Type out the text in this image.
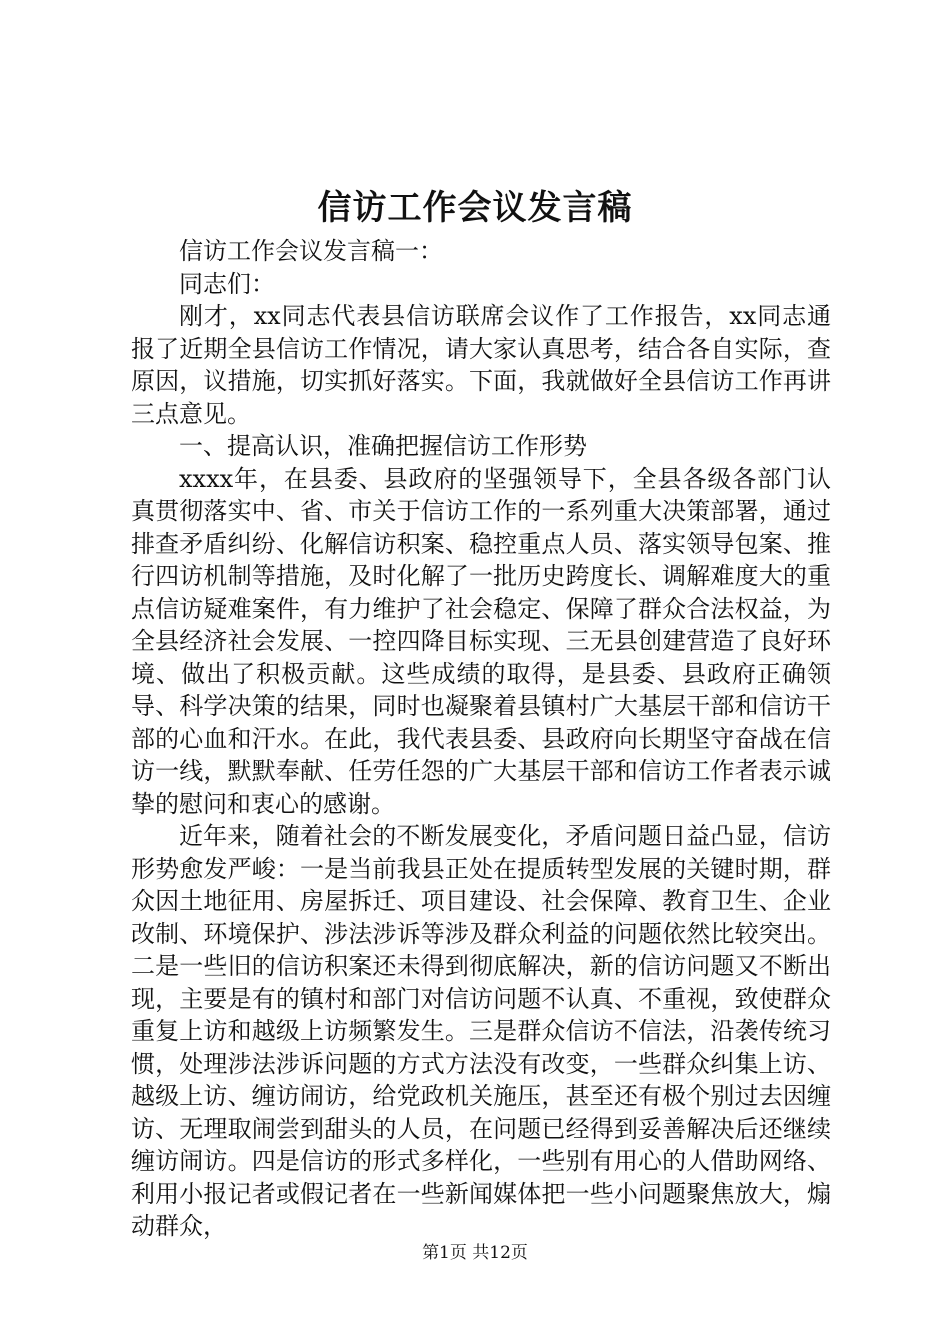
信访工作会议发言稿

信访工作会议发言稿一：

同志们：

刚才，xx同志代表县信访联席会议作了工作报告，xx同志通报了近期全县信访工作情况，请大家认真思考，结合各自实际，查原因，议措施，切实抓好落实。下面，我就做好全县信访工作再讲三点意见。

一、提高认识，准确把握信访工作形势

xxxx年，在县委、县政府的坚强领导下，全县各级各部门认真贯彻落实中、省、市关于信访工作的一系列重大决策部署，通过排查矛盾纠纷、化解信访积案、稳控重点人员、落实领导包案、推行四访机制等措施，及时化解了一批历史跨度长、调解难度大的重点信访疑难案件，有力维护了社会稳定、保障了群众合法权益，为全县经济社会发展、一控四降目标实现、三无县创建营造了良好环境、做出了积极贡献。这些成绩的取得，是县委、县政府正确领导、科学决策的结果，同时也凝聚着县镇村广大基层干部和信访干部的心血和汗水。在此，我代表县委、县政府向长期坚守奋战在信访一线，默默奉献、任劳任怨的广大基层干部和信访工作者表示诚挚的慰问和衷心的感谢。

近年来，随着社会的不断发展变化，矛盾问题日益凸显，信访形势愈发严峻：一是当前我县正处在提质转型发展的关键时期，群众因土地征用、房屋拆迁、项目建设、社会保障、教育卫生、企业改制、环境保护、涉法涉诉等涉及群众利益的问题依然比较突出。二是一些旧的信访积案还未得到彻底解决，新的信访问题又不断出现，主要是有的镇村和部门对信访问题不认真、不重视，致使群众重复上访和越级上访频繁发生。三是群众信访不信法，沿袭传统习惯，处理涉法涉诉问题的方式方法没有改变，一些群众纠集上访、越级上访、缠访闹访，给党政机关施压，甚至还有极个别过去因缠访、无理取闹尝到甜头的人员，在问题已经得到妥善解决后还继续缠访闹访。四是信访的形式多样化，一些别有用心的人借助网络、利用小报记者或假记者在一些新闻媒体把一些小问题聚焦放大，煽动群众，

第1页 共12页
